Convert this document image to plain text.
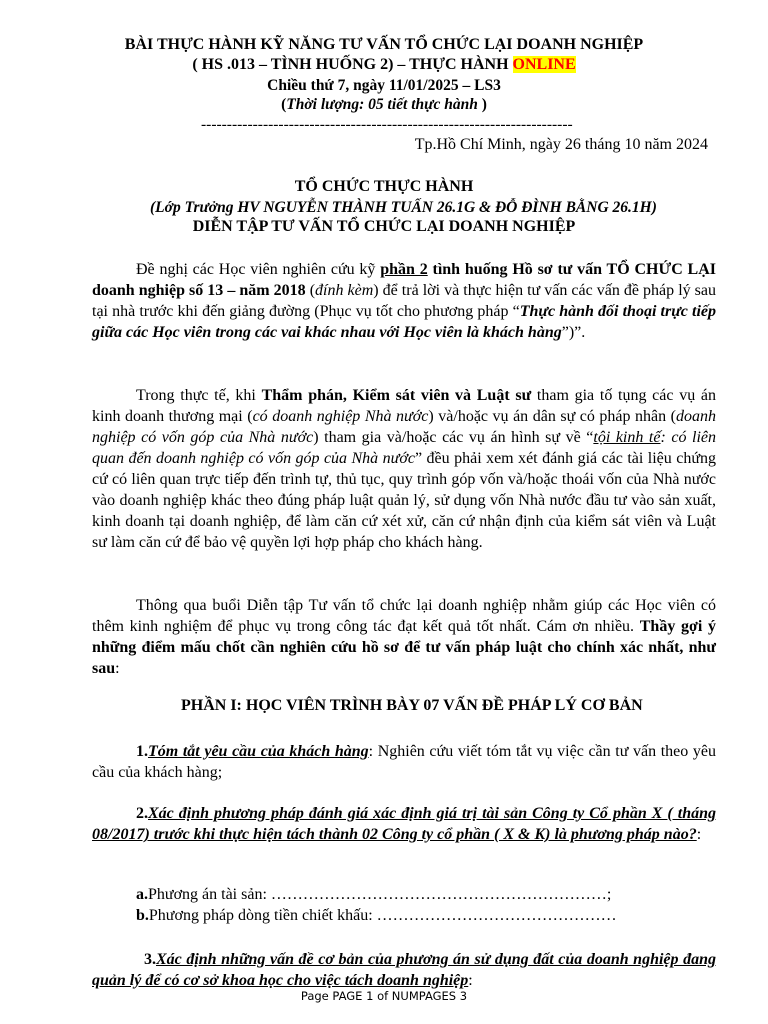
BÀI THỰC HÀNH KỸ NĂNG TƯ VẤN TỔ CHỨC LẠI DOANH NGHIỆP
( HS .013 – TÌNH HUỐNG 2) – THỰC HÀNH ONLINE
Chiều thứ 7, ngày 11/01/2025 – LS3
(Thời lượng: 05 tiết thực hành )
------------------------------------------------------------------------
Tp.Hồ Chí Minh, ngày 26 tháng 10 năm 2024
TỔ CHỨC THỰC HÀNH
(Lớp Trưởng HV NGUYỄN THÀNH TUẤN 26.1G & ĐỖ ĐÌNH BẰNG 26.1H)
DIỄN TẬP TƯ VẤN TỔ CHỨC LẠI DOANH NGHIỆP
Đề nghị các Học viên nghiên cứu kỹ phần 2 tình huống Hồ sơ tư vấn TỔ CHỨC LẠI doanh nghiệp số 13 – năm 2018 (đính kèm) để trả lời và thực hiện tư vấn các vấn đề pháp lý sau tại nhà trước khi đến giảng đường (Phục vụ tốt cho phương pháp “Thực hành đối thoại trực tiếp giữa các Học viên trong các vai khác nhau với Học viên là khách hàng”)”.
Trong thực tế, khi Thẩm phán, Kiểm sát viên và Luật sư tham gia tố tụng các vụ án kinh doanh thương mại (có doanh nghiệp Nhà nước) và/hoặc vụ án dân sự có pháp nhân (doanh nghiệp có vốn góp của Nhà nước) tham gia và/hoặc các vụ án hình sự về “tội kinh tế: có liên quan đến doanh nghiệp có vốn góp của Nhà nước” đều phải xem xét đánh giá các tài liệu chứng cứ có liên quan trực tiếp đến trình tự, thủ tục, quy trình góp vốn và/hoặc thoái vốn của Nhà nước vào doanh nghiệp khác theo đúng pháp luật quản lý, sử dụng vốn Nhà nước đầu tư vào sản xuất, kinh doanh tại doanh nghiệp, để làm căn cứ xét xử, căn cứ nhận định của kiểm sát viên và Luật sư làm căn cứ để bảo vệ quyền lợi hợp pháp cho khách hàng.
Thông qua buổi Diễn tập Tư vấn tổ chức lại doanh nghiệp nhằm giúp các Học viên có thêm kinh nghiệm để phục vụ trong công tác đạt kết quả tốt nhất. Cám ơn nhiều. Thầy gợi ý những điểm mấu chốt cần nghiên cứu hồ sơ để tư vấn pháp luật cho chính xác nhất, như sau:
PHẦN I: HỌC VIÊN TRÌNH BÀY 07 VẤN ĐỀ PHÁP LÝ CƠ BẢN
1.Tóm tắt yêu cầu của khách hàng: Nghiên cứu viết tóm tắt vụ việc cần tư vấn theo yêu cầu của khách hàng;
2.Xác định phương pháp đánh giá xác định giá trị tài sản Công ty Cổ phần X ( tháng 08/2017) trước khi thực hiện tách thành 02 Công ty cổ phần ( X & K) là phương pháp nào?:
a.Phương án tài sản: ………………………………………………………;
b.Phương pháp dòng tiền chiết khấu: ………………………………………
3.Xác định những vấn đề cơ bản của phương án sử dụng đất của doanh nghiệp đang quản lý để có cơ sở khoa học cho việc tách doanh nghiệp:
Page PAGE 1 of NUMPAGES 3
